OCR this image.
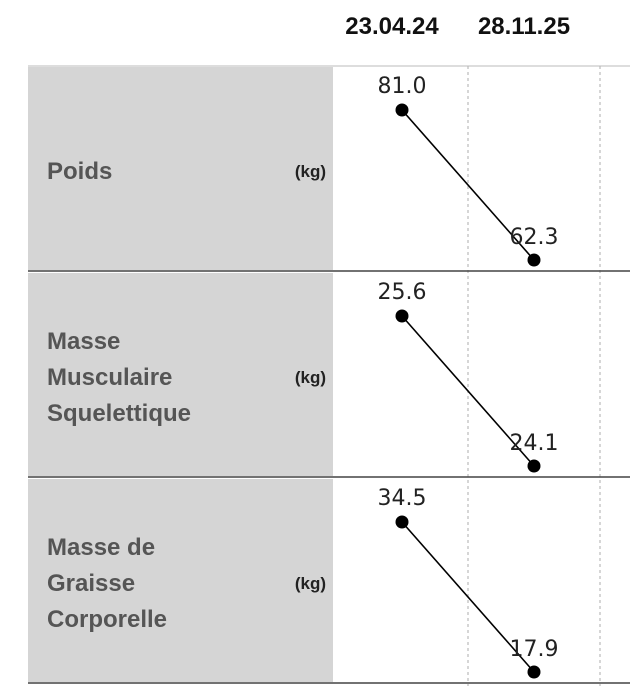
23.04.24 28.11.25
Poids	(kg)
81.0
62.3
Masse
Musculaire
Squelettique
(kg)
25.6
24.1
Masse de
Graisse
Corporelle
(kg)
34.5
17.9
